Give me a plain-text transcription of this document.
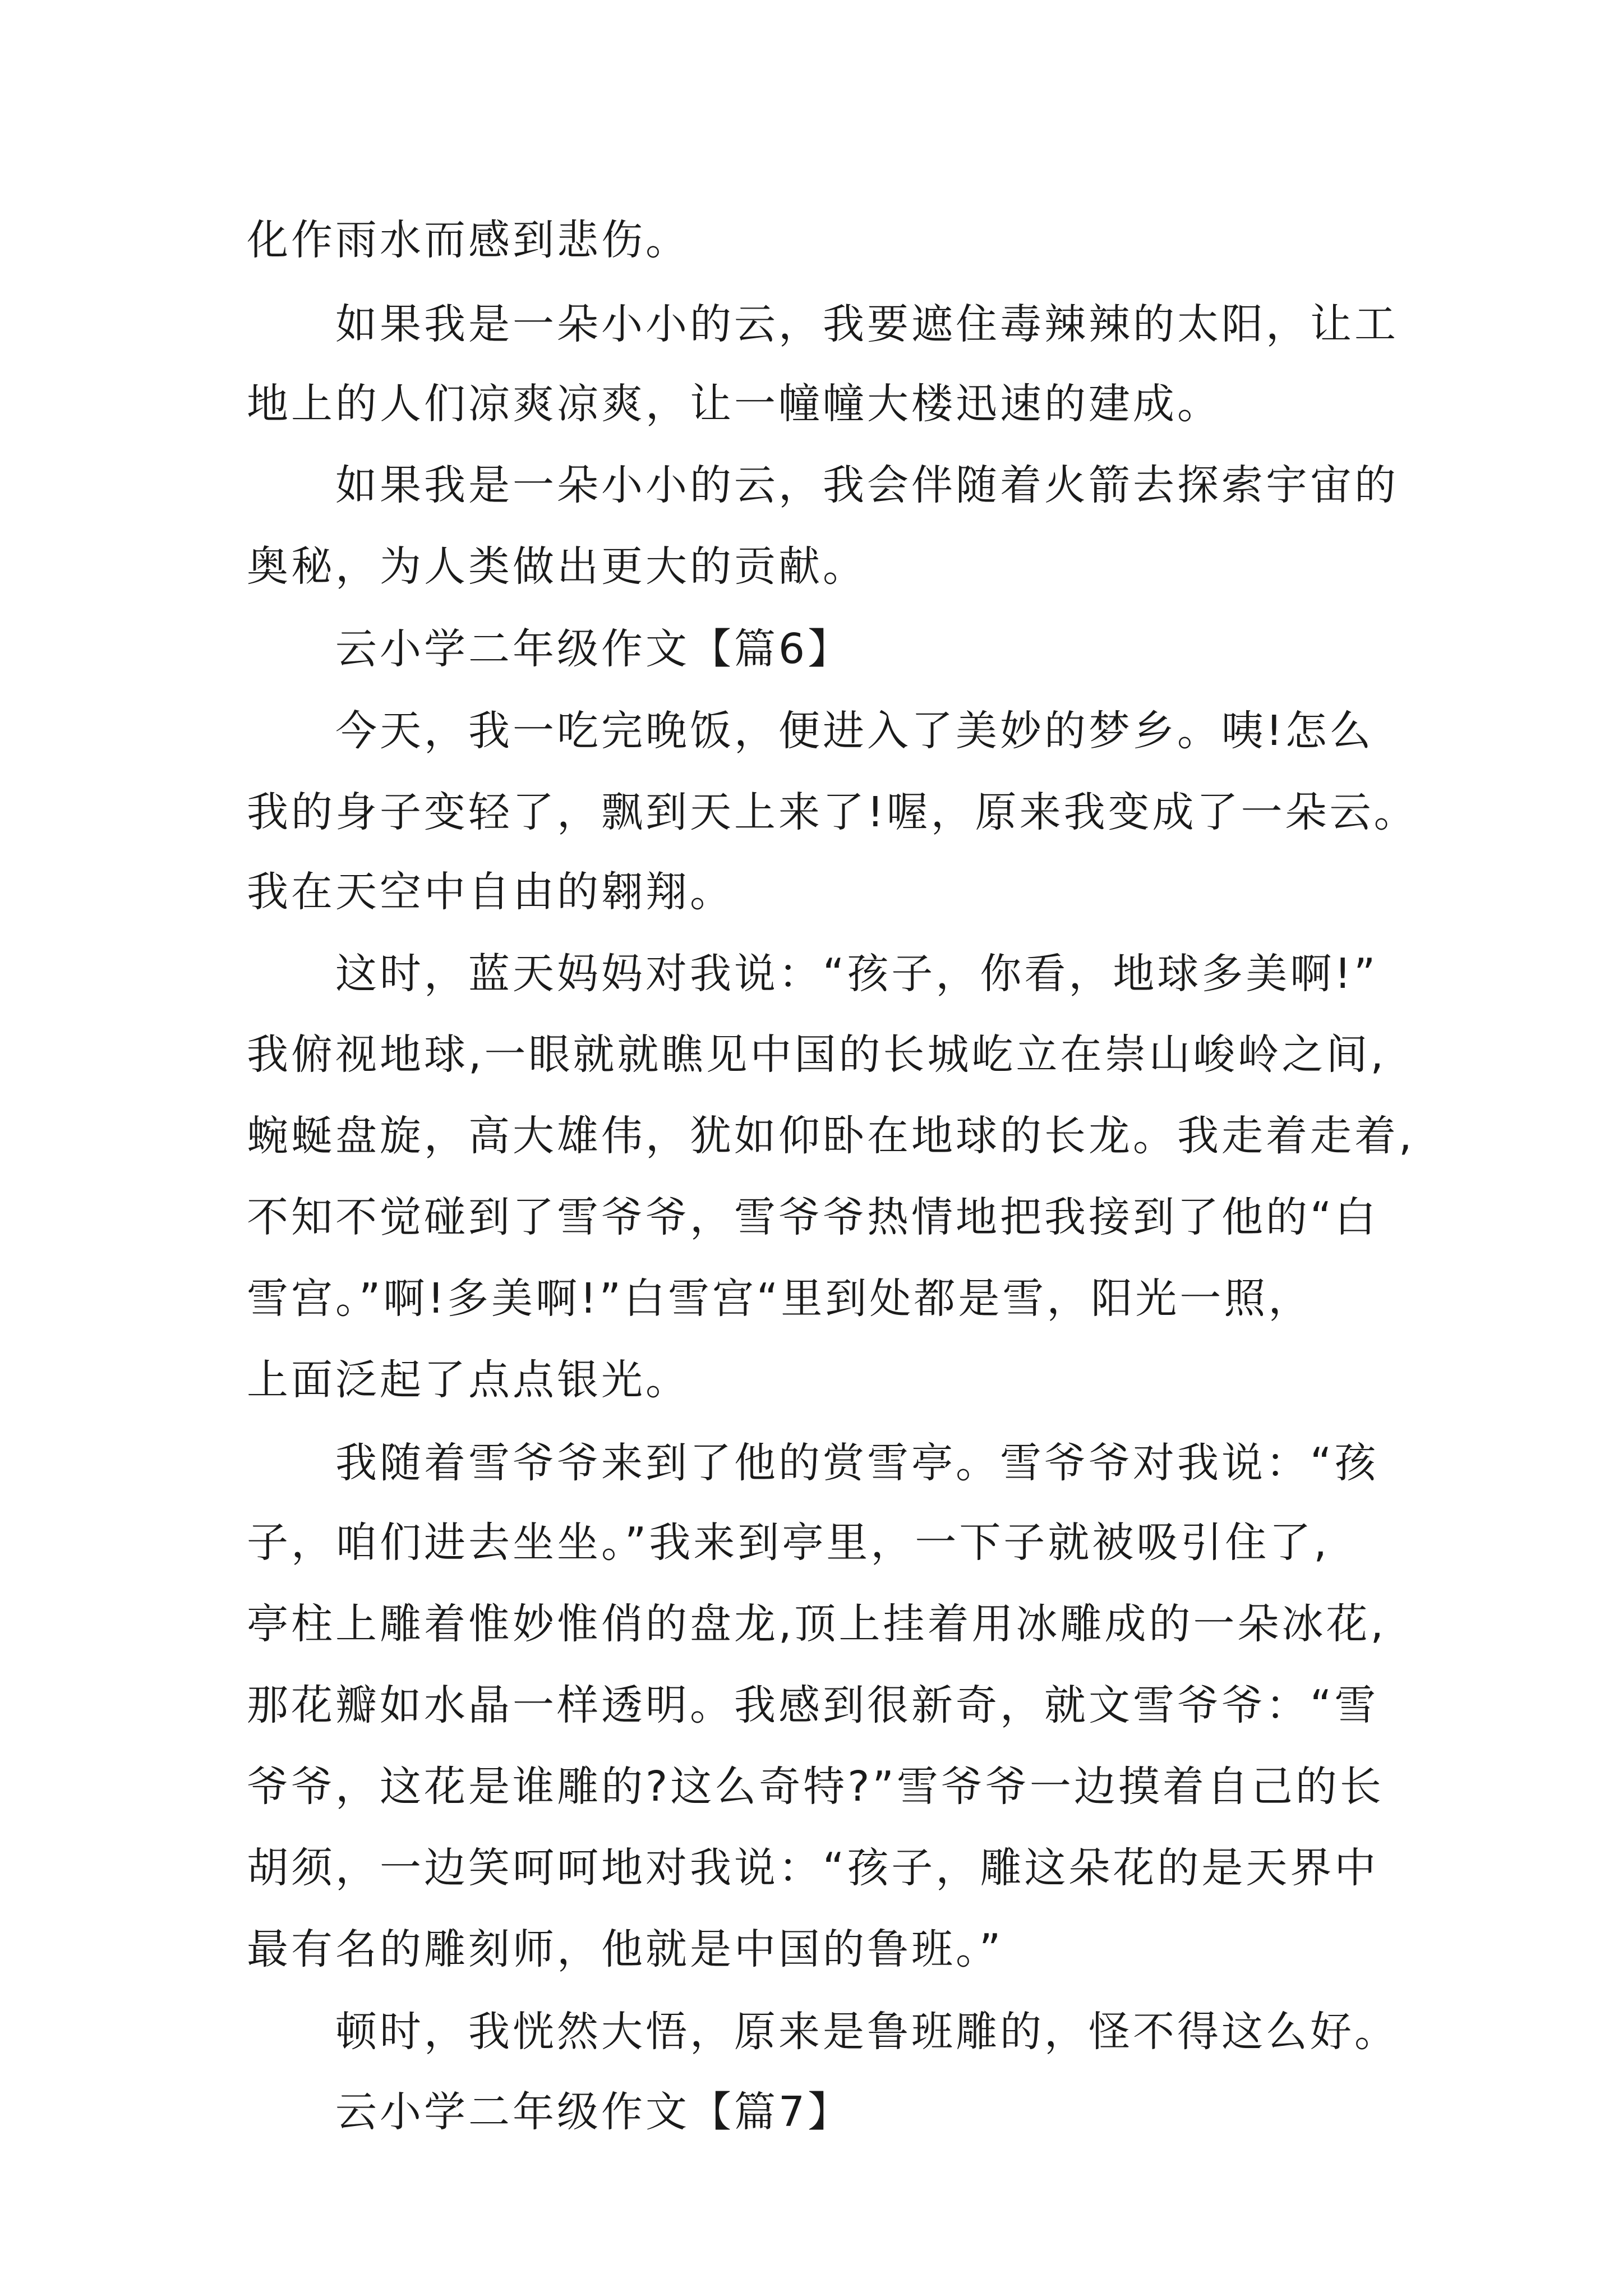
化作雨水而感到悲伤。

如果我是一朵小小的云，我要遮住毒辣辣的太阳，让工

地上的人们凉爽凉爽，让一幢幢大楼迅速的建成。

如果我是一朵小小的云，我会伴随着火箭去探索宇宙的

奥秘，为人类做出更大的贡献。

云小学二年级作文【篇6】

今天，我一吃完晚饭，便进入了美妙的梦乡。咦!怎么

我的身子变轻了，飘到天上来了!喔，原来我变成了一朵云。

我在天空中自由的翱翔。

这时，蓝天妈妈对我说：“孩子，你看，地球多美啊!”

我俯视地球,一眼就就瞧见中国的长城屹立在崇山峻岭之间,

蜿蜒盘旋，高大雄伟，犹如仰卧在地球的长龙。我走着走着,

不知不觉碰到了雪爷爷，雪爷爷热情地把我接到了他的“白

雪宫。”啊!多美啊!”白雪宫“里到处都是雪，阳光一照，

上面泛起了点点银光。

我随着雪爷爷来到了他的赏雪亭。雪爷爷对我说：“孩

子，咱们进去坐坐。”我来到亭里，一下子就被吸引住了,

亭柱上雕着惟妙惟俏的盘龙,顶上挂着用冰雕成的一朵冰花,

那花瓣如水晶一样透明。我感到很新奇，就文雪爷爷：“雪

爷爷，这花是谁雕的?这么奇特?”雪爷爷一边摸着自己的长

胡须，一边笑呵呵地对我说：“孩子，雕这朵花的是天界中

最有名的雕刻师，他就是中国的鲁班。”

顿时，我恍然大悟，原来是鲁班雕的，怪不得这么好。

云小学二年级作文【篇7】
